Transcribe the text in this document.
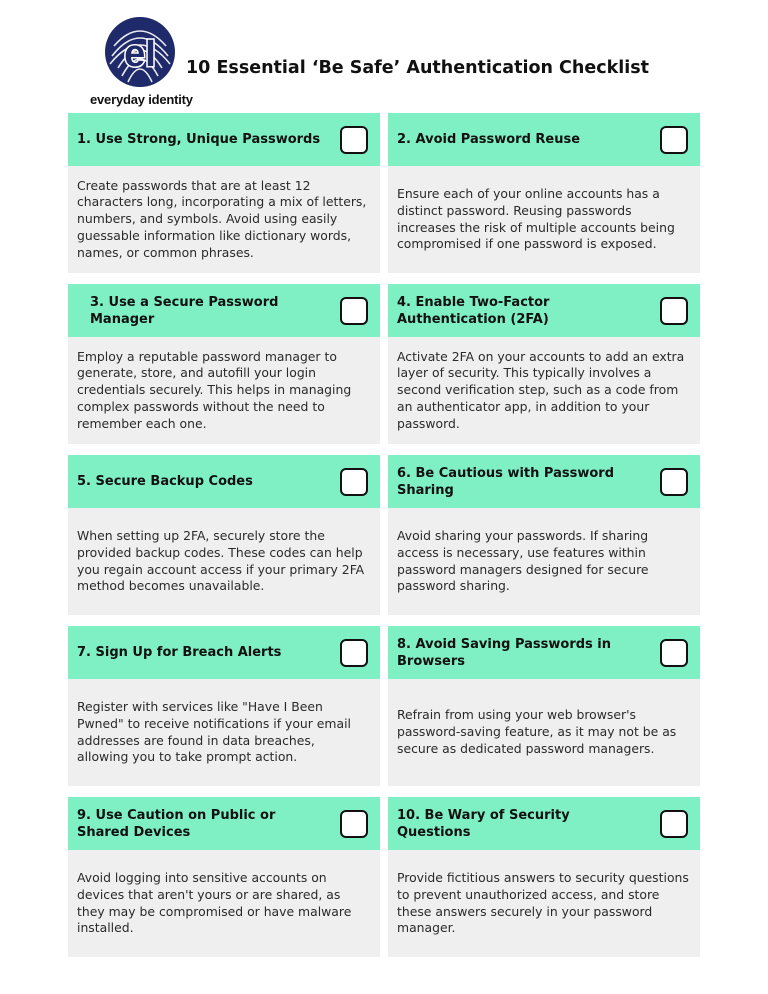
eI
everyday identity
10 Essential ‘Be Safe’ Authentication Checklist
1. Use Strong, Unique Passwords

Create passwords that are at least 12 characters long, incorporating a mix of letters, numbers, and symbols. Avoid using easily guessable information like dictionary words, names, or common phrases.

2. Avoid Password Reuse

Ensure each of your online accounts has a distinct password. Reusing passwords increases the risk of multiple accounts being compromised if one password is exposed.

3. Use a Secure Password Manager

Employ a reputable password manager to generate, store, and autofill your login credentials securely. This helps in managing complex passwords without the need to remember each one.

4. Enable Two-Factor Authentication (2FA)

Activate 2FA on your accounts to add an extra layer of security. This typically involves a second verification step, such as a code from an authenticator app, in addition to your password.

5. Secure Backup Codes

When setting up 2FA, securely store the provided backup codes. These codes can help you regain account access if your primary 2FA method becomes unavailable.

6. Be Cautious with Password Sharing

Avoid sharing your passwords. If sharing access is necessary, use features within password managers designed for secure password sharing.

7. Sign Up for Breach Alerts

Register with services like "Have I Been Pwned" to receive notifications if your email addresses are found in data breaches, allowing you to take prompt action.

8. Avoid Saving Passwords in Browsers

Refrain from using your web browser's password-saving feature, as it may not be as secure as dedicated password managers.

9. Use Caution on Public or Shared Devices

Avoid logging into sensitive accounts on devices that aren't yours or are shared, as they may be compromised or have malware installed.

10. Be Wary of Security Questions

Provide fictitious answers to security questions to prevent unauthorized access, and store these answers securely in your password manager.
